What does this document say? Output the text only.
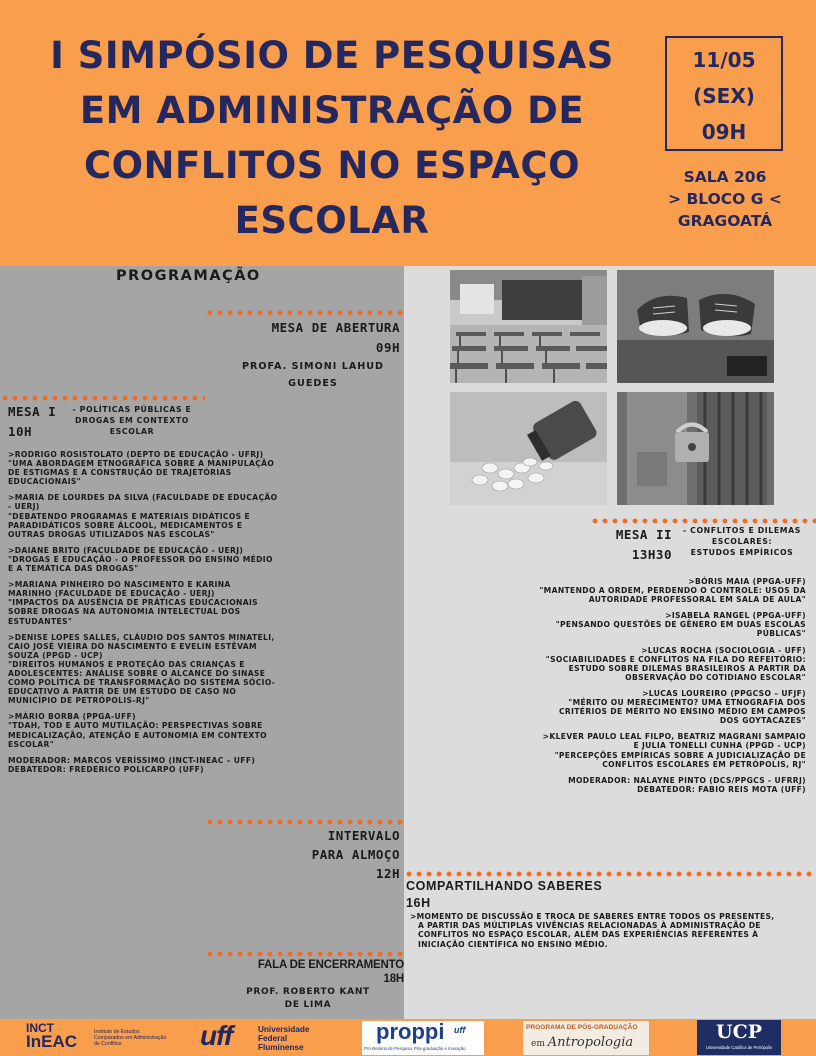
I SIMPÓSIO DE PESQUISAS
EM ADMINISTRAÇÃO DE
CONFLITOS NO ESPAÇO
ESCOLAR
11/05
(SEX)
09H
SALA 206
> BLOCO G <
GRAGOATÁ
PROGRAMAÇÃO
MESA DE ABERTURA
09H
PROFA. SIMONI LAHUD
GUEDES
MESA I
10H
- POLÍTICAS PÚBLICAS E
DROGAS EM CONTEXTO
ESCOLAR

>RODRIGO ROSISTOLATO (DEPTO DE EDUCAÇÃO - UFRJ)
"UMA ABORDAGEM ETNOGRÁFICA SOBRE A MANIPULAÇÃO
DE ESTIGMAS E A CONSTRUÇÃO DE TRAJETÓRIAS
EDUCACIONAIS"

>MARIA DE LOURDES DA SILVA (FACULDADE DE EDUCAÇÃO
- UERJ)
"DEBATENDO PROGRAMAS E MATERIAIS DIDÁTICOS E
PARADIDÁTICOS SOBRE ÁLCOOL, MEDICAMENTOS E
OUTRAS DROGAS UTILIZADOS NAS ESCOLAS"

>DAIANE BRITO (FACULDADE DE EDUCAÇÃO - UERJ)
"DROGAS E EDUCAÇÃO - O PROFESSOR DO ENSINO MÉDIO
E A TEMÁTICA DAS DROGAS"

>MARIANA PINHEIRO DO NASCIMENTO E KARINA
MARINHO (FACULDADE DE EDUCAÇÃO - UERJ)
"IMPACTOS DA AUSÊNCIA DE PRÁTICAS EDUCACIONAIS
SOBRE DROGAS NA AUTONOMIA INTELECTUAL DOS
ESTUDANTES"

>DENISE LOPES SALLES, CLÁUDIO DOS SANTOS MINATELI,
CAIO JOSÉ VIEIRA DO NASCIMENTO E EVELIN ESTÊVAM
SOUZA (PPGD - UCP)
"DIREITOS HUMANOS E PROTEÇÃO DAS CRIANÇAS E
ADOLESCENTES: ANÁLISE SOBRE O ALCANCE DO SINASE
COMO POLÍTICA DE TRANSFORMAÇÃO DO SISTEMA SÓCIO-
EDUCATIVO A PARTIR DE UM ESTUDO DE CASO NO
MUNICÍPIO DE PETRÓPOLIS-RJ"

>MÁRIO BORBA (PPGA-UFF)
"TDAH, TOD E AUTO MUTILAÇÃO: PERSPECTIVAS SOBRE
MEDICALIZAÇÃO, ATENÇÃO E AUTONOMIA EM CONTEXTO
ESCOLAR"

MODERADOR: MARCOS VERÍSSIMO (INCT-INEAC – UFF)
DEBATEDOR: FREDERICO POLICARPO (UFF)

INTERVALO
PARA ALMOÇO
12H
COMPARTILHANDO SABERES
16H
>MOMENTO DE DISCUSSÃO E TROCA DE SABERES ENTRE TODOS OS PRESENTES,
A PARTIR DAS MÚLTIPLAS VIVÊNCIAS RELACIONADAS À ADMINISTRAÇÃO DE
CONFLITOS NO ESPAÇO ESCOLAR, ALÉM DAS EXPERIÊNCIAS REFERENTES À
INICIAÇÃO CIENTÍFICA NO ENSINO MÉDIO.
FALA DE ENCERRAMENTO
18H
PROF. ROBERTO KANT
DE LIMA
MESA II
13H30
- CONFLITOS E DILEMAS
ESCOLARES:
ESTUDOS EMPÍRICOS

>BÓRIS MAIA (PPGA-UFF)
"MANTENDO A ORDEM, PERDENDO O CONTROLE: USOS DA
AUTORIDADE PROFESSORAL EM SALA DE AULA"

>ISABELA RANGEL (PPGA-UFF)
"PENSANDO QUESTÕES DE GÊNERO EM DUAS ESCOLAS
PÚBLICAS"

>LUCAS ROCHA (SOCIOLOGIA - UFF)
"SOCIABILIDADES E CONFLITOS NA FILA DO REFEITÓRIO:
ESTUDO SOBRE DILEMAS BRASILEIROS A PARTIR DA
OBSERVAÇÃO DO COTIDIANO ESCOLAR"

>LUCAS LOUREIRO (PPGCSO – UFJF)
"MÉRITO OU MERECIMENTO? UMA ETNOGRAFIA DOS
CRITÉRIOS DE MÉRITO NO ENSINO MÉDIO EM CAMPOS
DOS GOYTACAZES"

>KLEVER PAULO LEAL FILPO, BEATRIZ MAGRANI SAMPAIO
E JULIA TONELLI CUNHA (PPGD - UCP)
"PERCEPÇÕES EMPÍRICAS SOBRE A JUDICIALIZAÇÃO DE
CONFLITOS ESCOLARES EM PETRÓPOLIS, RJ"

MODERADOR: NALAYNE PINTO (DCS/PPGCS - UFRRJ)
DEBATEDOR: FABIO REIS MOTA (UFF)

INCT
InEAC	Instituto de Estudos
Comparados em Administração
de Conflitos	uff	Universidade
Federal
Fluminense
proppi uff
Pró-Reitoria de Pesquisa, Pós-graduação e Inovação
PROGRAMA DE PÓS-GRADUAÇÃO
em Antropologia	UCP
Universidade Católica de Petrópolis
